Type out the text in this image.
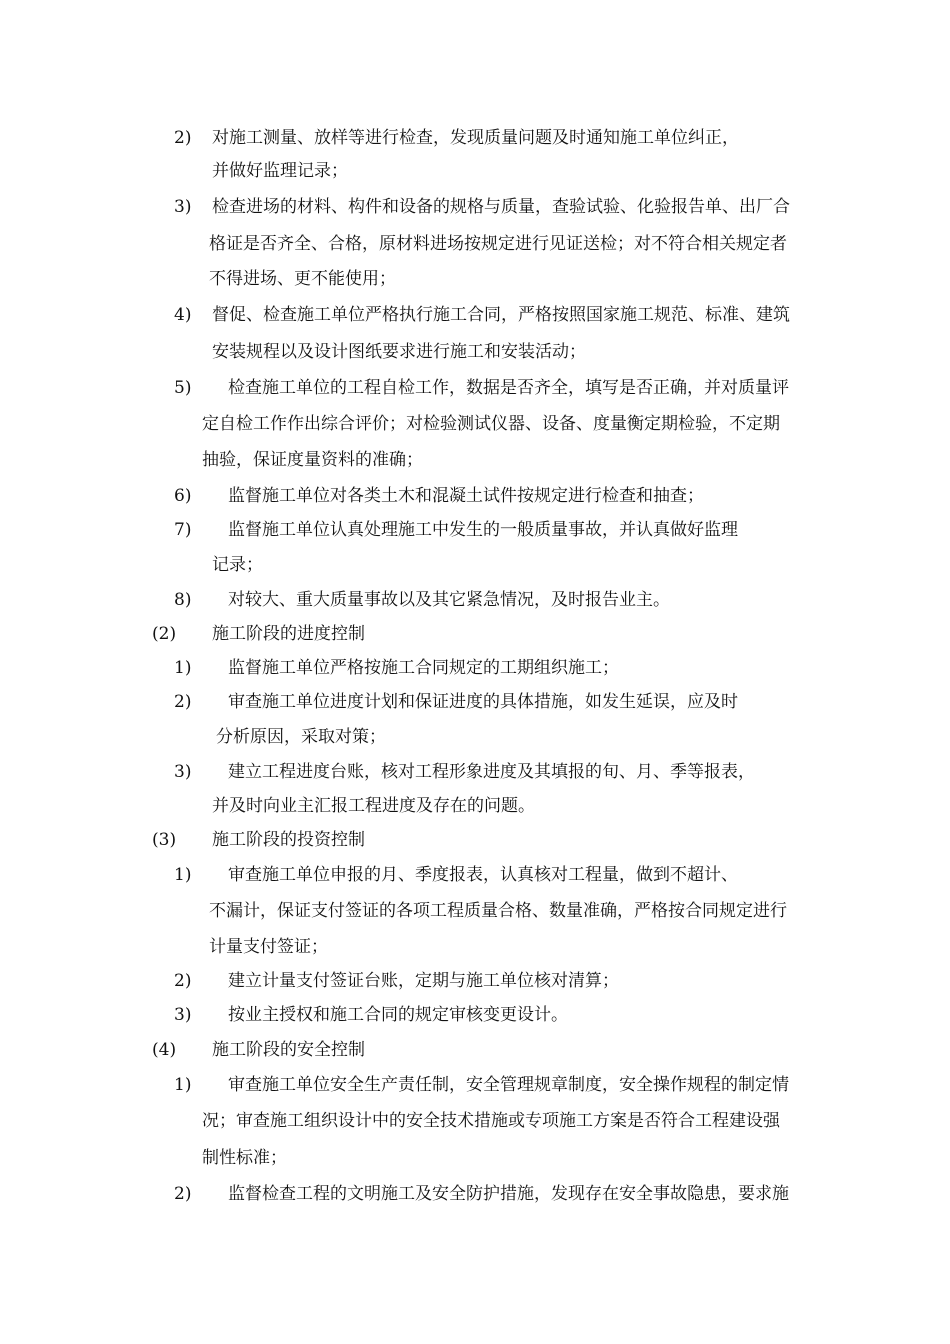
2) 对施工测量、放样等进行检查，发现质量问题及时通知施工单位纠正，
并做好监理记录；
3) 检查进场的材料、构件和设备的规格与质量，查验试验、化验报告单、出厂合
格证是否齐全、合格，原材料进场按规定进行见证送检；对不符合相关规定者
不得进场、更不能使用；
4) 督促、检查施工单位严格执行施工合同，严格按照国家施工规范、标准、建筑
安装规程以及设计图纸要求进行施工和安装活动；
5) 检查施工单位的工程自检工作，数据是否齐全，填写是否正确，并对质量评
定自检工作作出综合评价；对检验测试仪器、设备、度量衡定期检验，不定期
抽验，保证度量资料的准确；
6) 监督施工单位对各类土木和混凝土试件按规定进行检查和抽查；
7) 监督施工单位认真处理施工中发生的一般质量事故，并认真做好监理
记录；
8) 对较大、重大质量事故以及其它紧急情况，及时报告业主。
(2) 施工阶段的进度控制
1) 监督施工单位严格按施工合同规定的工期组织施工；
2) 审查施工单位进度计划和保证进度的具体措施，如发生延误，应及时
分析原因，采取对策；
3) 建立工程进度台账，核对工程形象进度及其填报的旬、月、季等报表，
并及时向业主汇报工程进度及存在的问题。
(3) 施工阶段的投资控制
1) 审查施工单位申报的月、季度报表，认真核对工程量，做到不超计、
不漏计，保证支付签证的各项工程质量合格、数量准确，严格按合同规定进行
计量支付签证；
2) 建立计量支付签证台账，定期与施工单位核对清算；
3) 按业主授权和施工合同的规定审核变更设计。
(4) 施工阶段的安全控制
1) 审查施工单位安全生产责任制，安全管理规章制度，安全操作规程的制定情
况；审查施工组织设计中的安全技术措施或专项施工方案是否符合工程建设强
制性标准；
2) 监督检查工程的文明施工及安全防护措施，发现存在安全事故隐患，要求施
